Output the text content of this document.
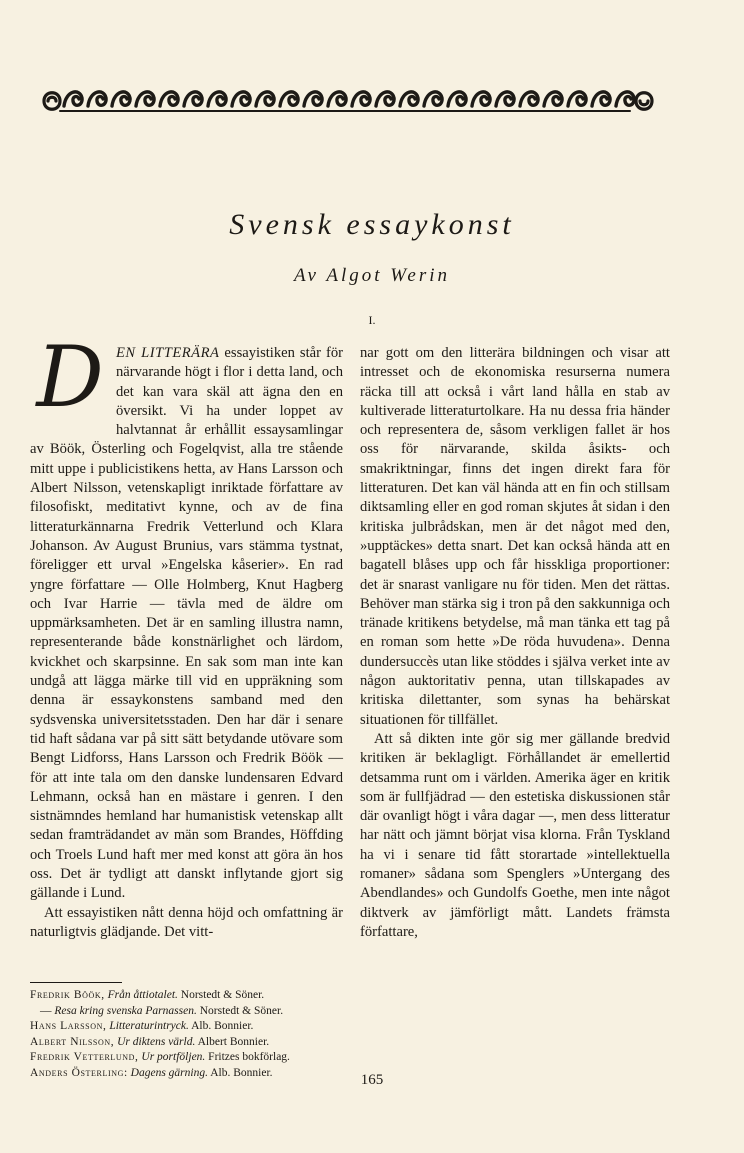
Svensk essaykonst
Av Algot Werin
I.

DEN LITTERÄRA essayistiken står för närvarande högt i flor i detta land, och det kan vara skäl att ägna den en översikt. Vi ha under loppet av halvtannat år erhållit essaysamlingar av Böök, Österling och Fogelqvist, alla tre stående mitt uppe i publicistikens hetta, av Hans Larsson och Albert Nilsson, vetenskapligt inriktade författare av filosofiskt, meditativt kynne, och av de fina litteraturkännarna Fredrik Vetterlund och Klara Johanson. Av August Brunius, vars stämma tystnat, föreligger ett urval »Engelska kåserier». En rad yngre författare — Olle Holmberg, Knut Hagberg och Ivar Harrie — tävla med de äldre om uppmärksamheten. Det är en samling illustra namn, representerande både konstnärlighet och lärdom, kvickhet och skarpsinne. En sak som man inte kan undgå att lägga märke till vid en uppräkning som denna är essaykonstens samband med den sydsvenska universitetsstaden. Den har där i senare tid haft sådana var på sitt sätt betydande utövare som Bengt Lidforss, Hans Larsson och Fredrik Böök — för att inte tala om den danske lundensaren Edvard Lehmann, också han en mästare i genren. I den sistnämndes hemland har humanistisk vetenskap allt sedan framträdandet av män som Brandes, Höffding och Troels Lund haft mer med konst att göra än hos oss. Det är tydligt att danskt inflytande gjort sig gällande i Lund.

Att essayistiken nått denna höjd och omfattning är naturligtvis glädjande. Det vitt-

nar gott om den litterära bildningen och visar att intresset och de ekonomiska resurserna numera räcka till att också i vårt land hålla en stab av kultiverade litteraturtolkare. Ha nu dessa fria händer och representera de, såsom verkligen fallet är hos oss för närvarande, skilda åsikts- och smakriktningar, finns det ingen direkt fara för litteraturen. Det kan väl hända att en fin och stillsam diktsamling eller en god roman skjutes åt sidan i den kritiska julbrådskan, men är det något med den, »upptäckes» detta snart. Det kan också hända att en bagatell blåses upp och får hisskliga proportioner: det är snarast vanligare nu för tiden. Men det rättas. Behöver man stärka sig i tron på den sakkunniga och tränade kritikens betydelse, må man tänka ett tag på en roman som hette »De röda huvudena». Denna dundersuccès utan like stöddes i själva verket inte av någon auktoritativ penna, utan tillskapades av kritiska dilettanter, som synas ha behärskat situationen för tillfället.

Att så dikten inte gör sig mer gällande bredvid kritiken är beklagligt. Förhållandet är emellertid detsamma runt om i världen. Amerika äger en kritik som är fullfjädrad — den estetiska diskussionen står där ovanligt högt i våra dagar —, men dess litteratur har nätt och jämnt börjat visa klorna. Från Tyskland ha vi i senare tid fått storartade »intellektuella romaner» sådana som Spenglers »Untergang des Abendlandes» och Gundolfs Goethe, men inte något diktverk av jämförligt mått. Landets främsta författare,

Fredrik Böök, Från åttiotalet. Norstedt & Söner.
— Resa kring svenska Parnassen. Norstedt & Söner.
Hans Larsson, Litteraturintryck. Alb. Bonnier.
Albert Nilsson, Ur diktens värld. Albert Bonnier.
Fredrik Vetterlund, Ur portföljen. Fritzes bokförlag.
Anders Österling: Dagens gärning. Alb. Bonnier.	165
